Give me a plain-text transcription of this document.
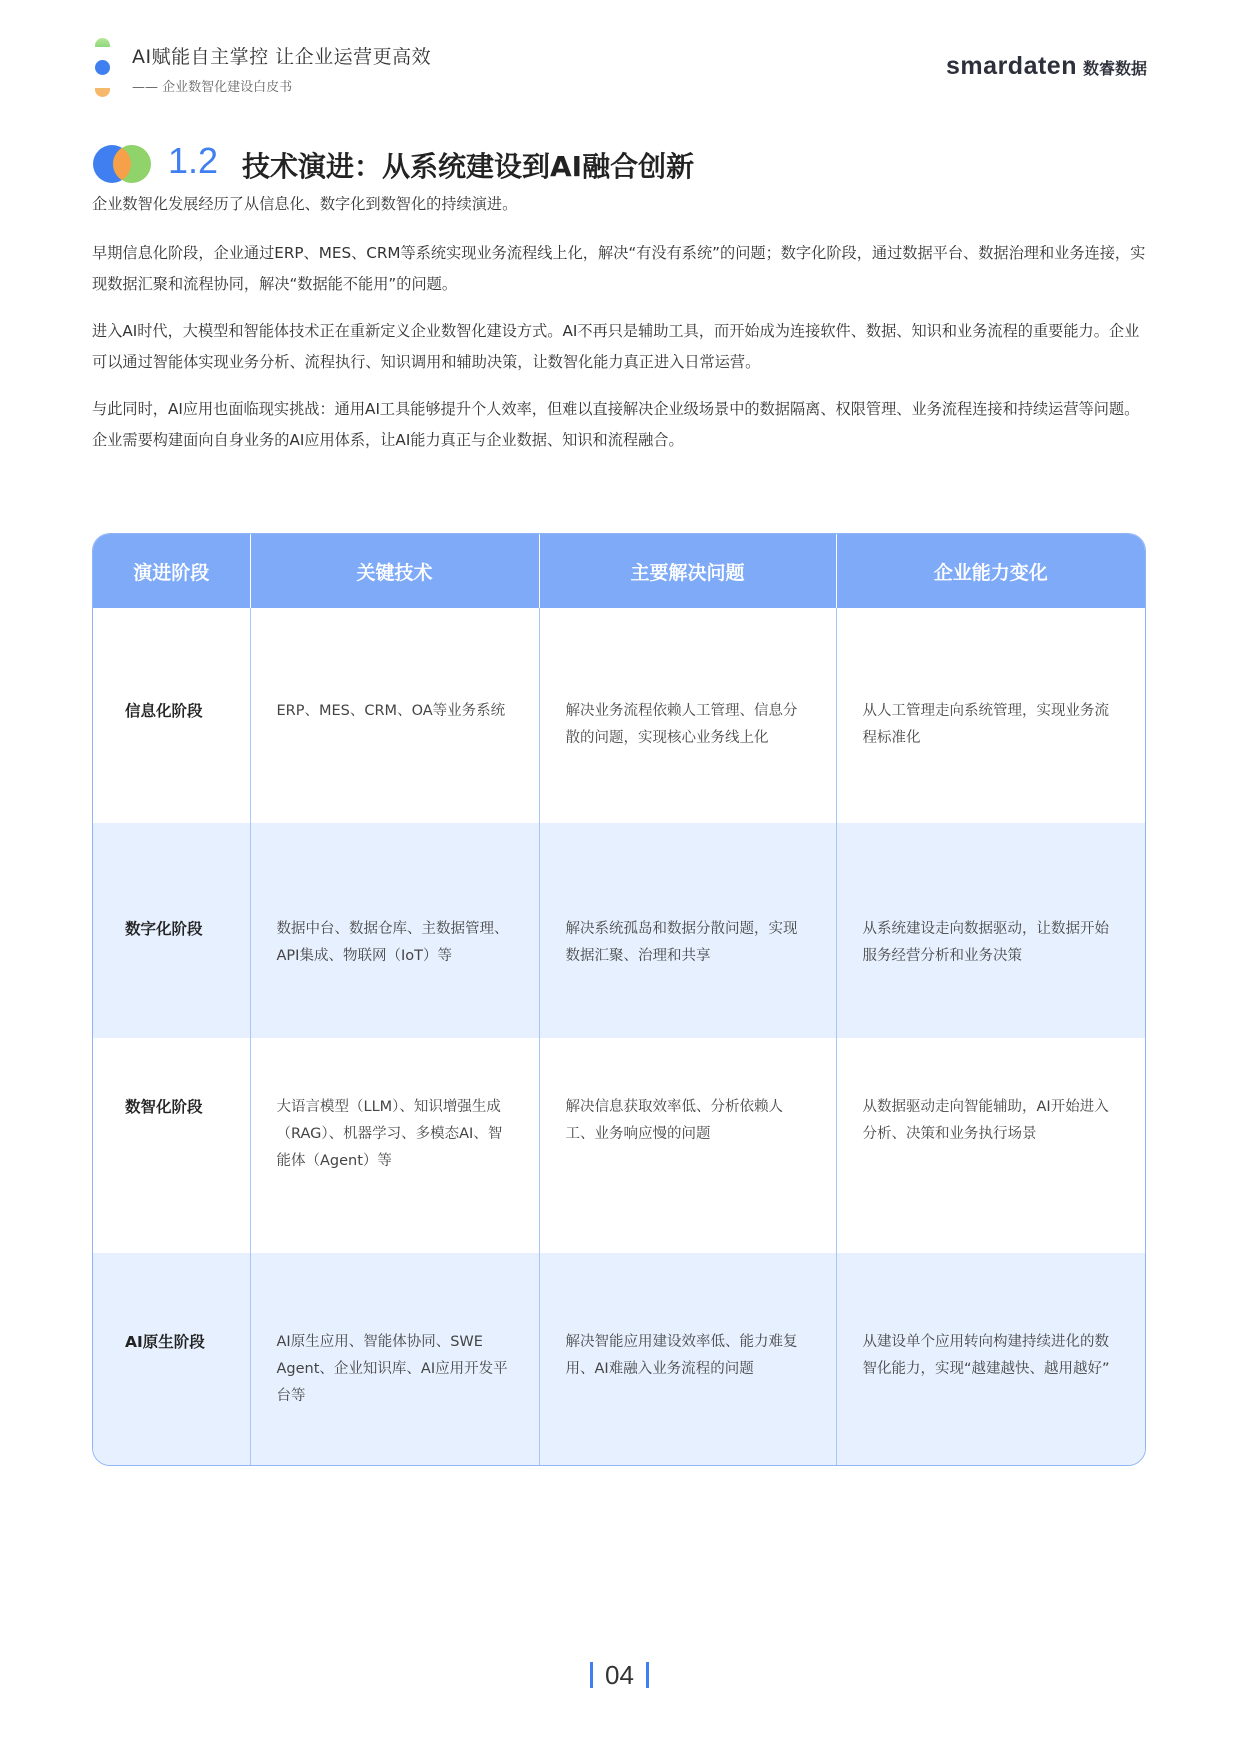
AI赋能自主掌控 让企业运营更高效
—— 企业数智化建设白皮书
smardaten 数睿数据
1.2 技术演进：从系统建设到AI融合创新
企业数智化发展经历了从信息化、数字化到数智化的持续演进。
早期信息化阶段，企业通过ERP、MES、CRM等系统实现业务流程线上化，解决“有没有系统”的问题；数字化阶段，通过数据平台、数据治理和业务连接，实现数据汇聚和流程协同，解决“数据能不能用”的问题。
进入AI时代，大模型和智能体技术正在重新定义企业数智化建设方式。AI不再只是辅助工具，而开始成为连接软件、数据、知识和业务流程的重要能力。企业可以通过智能体实现业务分析、流程执行、知识调用和辅助决策，让数智化能力真正进入日常运营。
与此同时，AI应用也面临现实挑战：通用AI工具能够提升个人效率，但难以直接解决企业级场景中的数据隔离、权限管理、业务流程连接和持续运营等问题。企业需要构建面向自身业务的AI应用体系，让AI能力真正与企业数据、知识和流程融合。
演进阶段	关键技术	主要解决问题	企业能力变化

信息化阶段	ERP、MES、CRM、OA等业务系统	解决业务流程依赖人工管理、信息分散的问题，实现核心业务线上化	从人工管理走向系统管理，实现业务流程标准化

数字化阶段	数据中台、数据仓库、主数据管理、API集成、物联网（IoT）等	解决系统孤岛和数据分散问题，实现数据汇聚、治理和共享	从系统建设走向数据驱动，让数据开始服务经营分析和业务决策

数智化阶段	大语言模型（LLM）、知识增强生成（RAG）、机器学习、多模态AI、智能体（Agent）等	解决信息获取效率低、分析依赖人工、业务响应慢的问题	从数据驱动走向智能辅助，AI开始进入分析、决策和业务执行场景

AI原生阶段	AI原生应用、智能体协同、SWE Agent、企业知识库、AI应用开发平台等	解决智能应用建设效率低、能力难复用、AI难融入业务流程的问题	从建设单个应用转向构建持续进化的数智化能力，实现“越建越快、越用越好”
04
